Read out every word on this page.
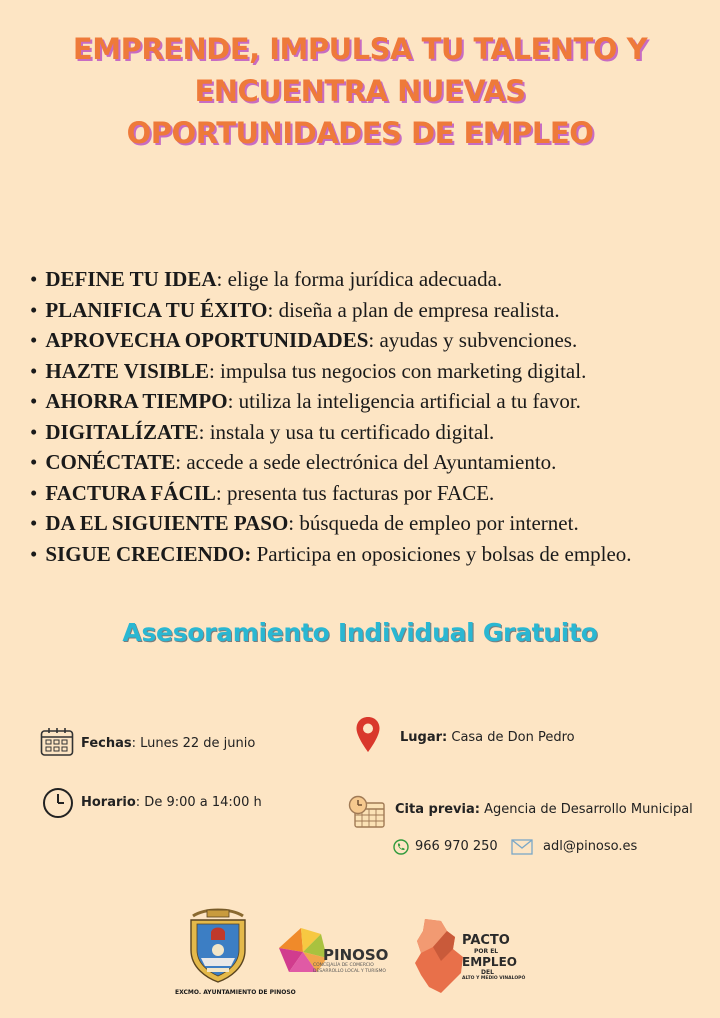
EMPRENDE, IMPULSA TU TALENTO Y
ENCUENTRA NUEVAS
OPORTUNIDADES DE EMPLEO
• DEFINE TU IDEA: elige la forma jurídica adecuada.
• PLANIFICA TU ÉXITO: diseña a plan de empresa realista.
• APROVECHA OPORTUNIDADES: ayudas y subvenciones.
• HAZTE VISIBLE: impulsa tus negocios con marketing digital.
• AHORRA TIEMPO: utiliza la inteligencia artificial a tu favor.
• DIGITALÍZATE: instala y usa tu certificado digital.
• CONÉCTATE: accede a sede electrónica del Ayuntamiento.
• FACTURA FÁCIL: presenta tus facturas por FACE.
• DA EL SIGUIENTE PASO: búsqueda de empleo por internet.
• SIGUE CRECIENDO: Participa en oposiciones y bolsas de empleo.
Asesoramiento Individual Gratuito
Fechas: Lunes 22 de junio
Horario: De 9:00 a 14:00 h
Lugar: Casa de Don Pedro
Cita previa: Agencia de Desarrollo Municipal
966 970 250	adl@pinoso.es
EXCMO. AYUNTAMIENTO DE PINOSO
PINOSO
CONCEJALÍA DE COMERCIO
DESARROLLO LOCAL Y TURISMO
PACTO
POR EL
EMPLEO
DEL
ALTO Y MEDIO VINALOPÓ
